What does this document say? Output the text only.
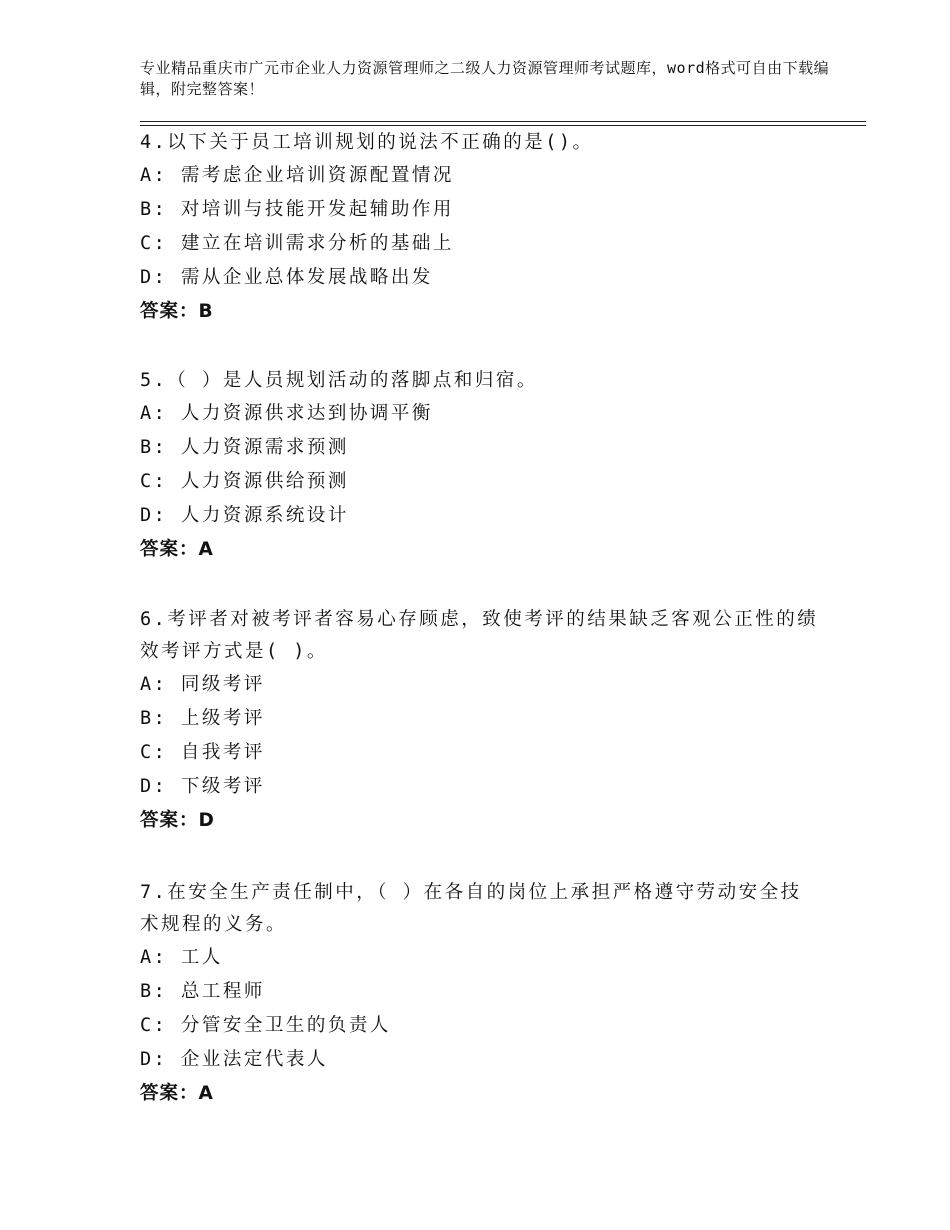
专业精品重庆市广元市企业人力资源管理师之二级人力资源管理师考试题库，word格式可自由下载编辑，附完整答案！

4.以下关于员工培训规划的说法不正确的是()。

A: 需考虑企业培训资源配置情况

B: 对培训与技能开发起辅助作用

C: 建立在培训需求分析的基础上

D: 需从企业总体发展战略出发

答案：B

5.（ ）是人员规划活动的落脚点和归宿。

A: 人力资源供求达到协调平衡

B: 人力资源需求预测

C: 人力资源供给预测

D: 人力资源系统设计

答案：A

6.考评者对被考评者容易心存顾虑，致使考评的结果缺乏客观公正性的绩效考评方式是( )。

A: 同级考评

B: 上级考评

C: 自我考评

D: 下级考评

答案：D

7.在安全生产责任制中，（ ）在各自的岗位上承担严格遵守劳动安全技术规程的义务。

A: 工人

B: 总工程师

C: 分管安全卫生的负责人

D: 企业法定代表人

答案：A
